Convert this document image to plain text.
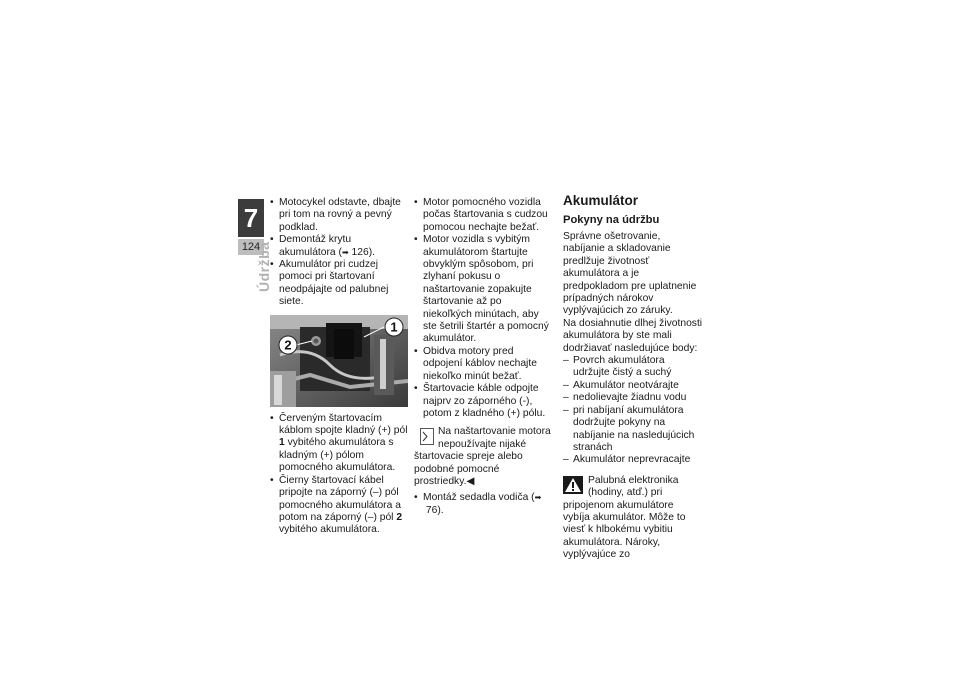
7
124
Údržba
• Motocykel odstavte, dbajte pri tom na rovný a pevný podklad.
• Demontáž krytu akumulátora (➡ 126).
• Akumulátor pri cudzej pomoci pri štartovaní neodpájajte od palubnej siete.
1
2
• Červeným štartovacím káblom spojte kladný (+) pól 1 vybitého akumulátora s kladným (+) pólom pomocného akumulátora.
• Čierny štartovací kábel pripojte na záporný (–) pól pomocného akumulátora a potom na záporný (–) pól 2 vybitého akumulátora.
• Motor pomocného vozidla počas štartovania s cudzou pomocou nechajte bežať.
• Motor vozidla s vybitým akumulátorom štartujte obvyklým spôsobom, pri zlyhaní pokusu o naštartovanie zopakujte štartovanie až po niekoľkých minútach, aby ste šetrili štartér a pomocný akumulátor.
• Obidva motory pred odpojení káblov nechajte niekoľko minút bežať.
• Štartovacie káble odpojte najprv zo záporného (-), potom z kladného (+) pólu.

Na naštartovanie motora nepoužívajte nijaké štartovacie spreje alebo podobné pomocné prostriedky.◀

• Montáž sedadla vodiča (➡ 76).
Akumulátor
Pokyny na údržbu

Správne ošetrovanie, nabíjanie a skladovanie predlžuje životnosť akumulátora a je predpokladom pre uplatnenie prípadných nárokov vyplývajúcich zo záruky.

Na dosiahnutie dlhej životnosti akumulátora by ste mali dodržiavať nasledujúce body:

– Povrch akumulátora udržujte čistý a suchý
– Akumulátor neotvárajte
– nedolievajte žiadnu vodu
– pri nabíjaní akumulátora dodržujte pokyny na nabíjanie na nasledujúcich stranách
– Akumulátor neprevracajte

Palubná elektronika (hodiny, atď.) pri pripojenom akumulátore vybíja akumulátor. Môže to viesť k hlbokému vybitiu akumulátora. Nároky, vyplývajúce zo
